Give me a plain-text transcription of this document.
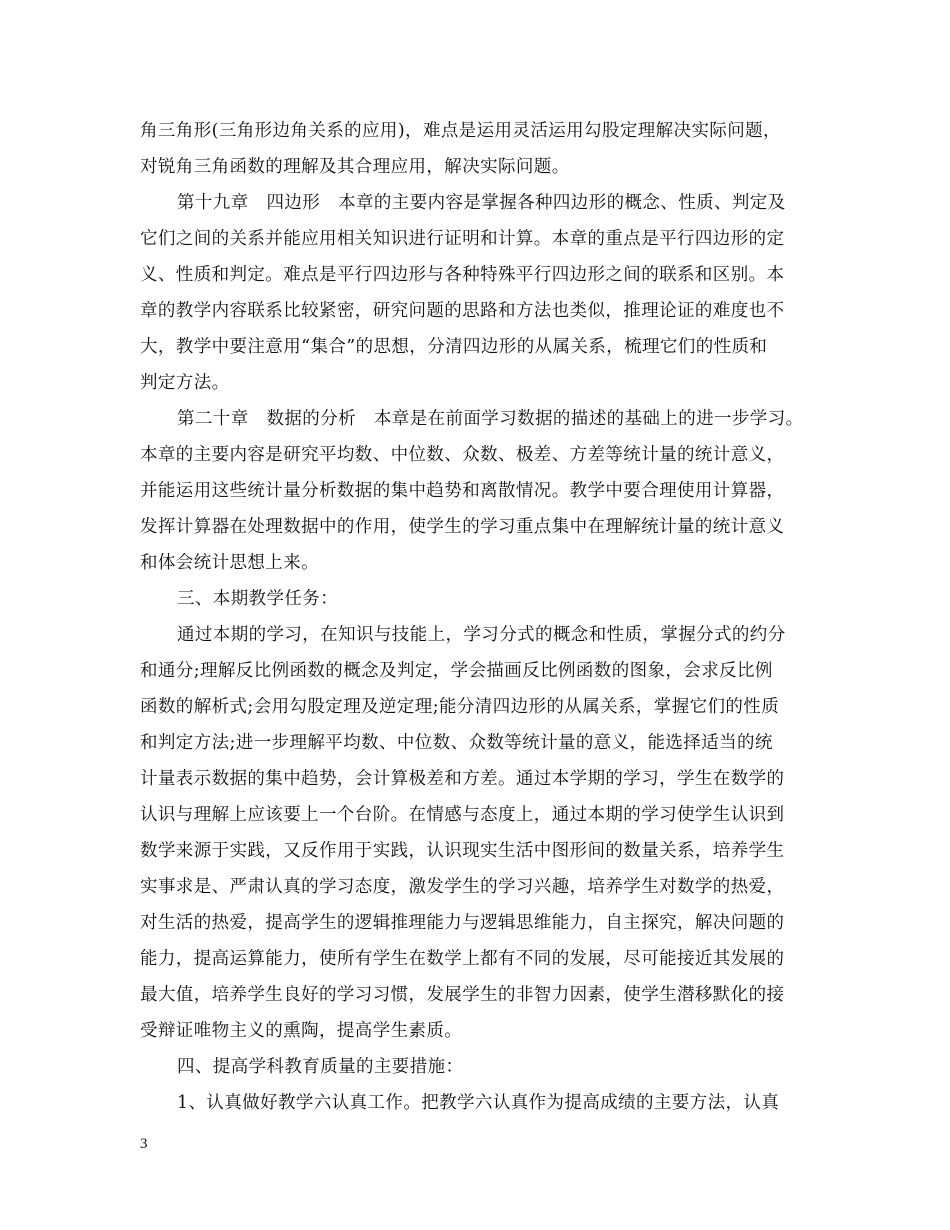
角三角形(三角形边角关系的应用)，难点是运用灵活运用勾股定理解决实际问题，
对锐角三角函数的理解及其合理应用，解决实际问题。
第十九章　四边形　本章的主要内容是掌握各种四边形的概念、性质、判定及
它们之间的关系并能应用相关知识进行证明和计算。本章的重点是平行四边形的定
义、性质和判定。难点是平行四边形与各种特殊平行四边形之间的联系和区别。本
章的教学内容联系比较紧密，研究问题的思路和方法也类似，推理论证的难度也不
大，教学中要注意用“集合”的思想，分清四边形的从属关系，梳理它们的性质和
判定方法。
第二十章　数据的分析　本章是在前面学习数据的描述的基础上的进一步学习。
本章的主要内容是研究平均数、中位数、众数、极差、方差等统计量的统计意义，
并能运用这些统计量分析数据的集中趋势和离散情况。教学中要合理使用计算器，
发挥计算器在处理数据中的作用，使学生的学习重点集中在理解统计量的统计意义
和体会统计思想上来。
三、本期教学任务：
通过本期的学习，在知识与技能上，学习分式的概念和性质，掌握分式的约分
和通分;理解反比例函数的概念及判定，学会描画反比例函数的图象，会求反比例
函数的解析式;会用勾股定理及逆定理;能分清四边形的从属关系，掌握它们的性质
和判定方法;进一步理解平均数、中位数、众数等统计量的意义，能选择适当的统
计量表示数据的集中趋势，会计算极差和方差。通过本学期的学习，学生在数学的
认识与理解上应该要上一个台阶。在情感与态度上，通过本期的学习使学生认识到
数学来源于实践，又反作用于实践，认识现实生活中图形间的数量关系，培养学生
实事求是、严肃认真的学习态度，激发学生的学习兴趣，培养学生对数学的热爱，
对生活的热爱，提高学生的逻辑推理能力与逻辑思维能力，自主探究，解决问题的
能力，提高运算能力，使所有学生在数学上都有不同的发展，尽可能接近其发展的
最大值，培养学生良好的学习习惯，发展学生的非智力因素，使学生潜移默化的接
受辩证唯物主义的熏陶，提高学生素质。
四、提高学科教育质量的主要措施：
1、认真做好教学六认真工作。把教学六认真作为提高成绩的主要方法，认真
3
